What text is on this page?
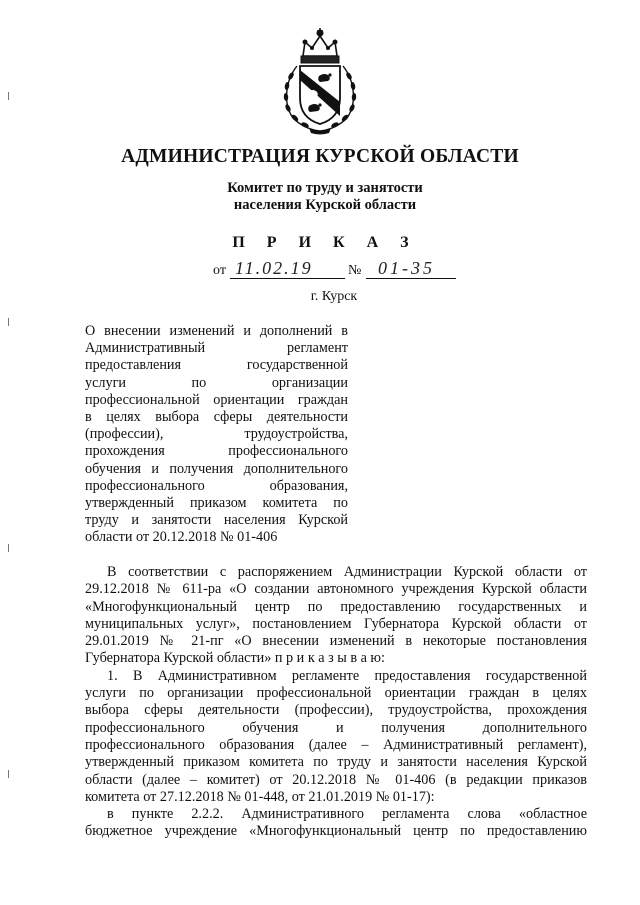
АДМИНИСТРАЦИЯ КУРСКОЙ ОБЛАСТИ
Комитет по труду и занятости
населения Курской области
П Р И К А З
от 11.02.19	№ 01-35
г. Курск
О внесении изменений и дополнений в
Административный регламент
предоставления государственной
услуги по организации
профессиональной ориентации граждан
в целях выбора сферы деятельности
(профессии), трудоустройства,
прохождения профессионального
обучения и получения дополнительного
профессионального образования,
утвержденный приказом комитета по
труду и занятости населения Курской
области от 20.12.2018 № 01-406
В соответствии с распоряжением Администрации Курской области от
29.12.2018 № 611-ра «О создании автономного учреждения Курской области
«Многофункциональный центр по предоставлению государственных и
муниципальных услуг», постановлением Губернатора Курской области от
29.01.2019 № 21-пг «О внесении изменений в некоторые постановления
Губернатора Курской области» п р и к а з ы в а ю:
1. В Административном регламенте предоставления государственной
услуги по организации профессиональной ориентации граждан в целях
выбора сферы деятельности (профессии), трудоустройства, прохождения
профессионального обучения и получения дополнительного
профессионального образования (далее – Административный регламент),
утвержденный приказом комитета по труду и занятости населения Курской
области (далее – комитет) от 20.12.2018 № 01-406 (в редакции приказов
комитета от 27.12.2018 № 01-448, от 21.01.2019 № 01-17):
в пункте 2.2.2. Административного регламента слова «областное
бюджетное учреждение «Многофункциональный центр по предоставлению
